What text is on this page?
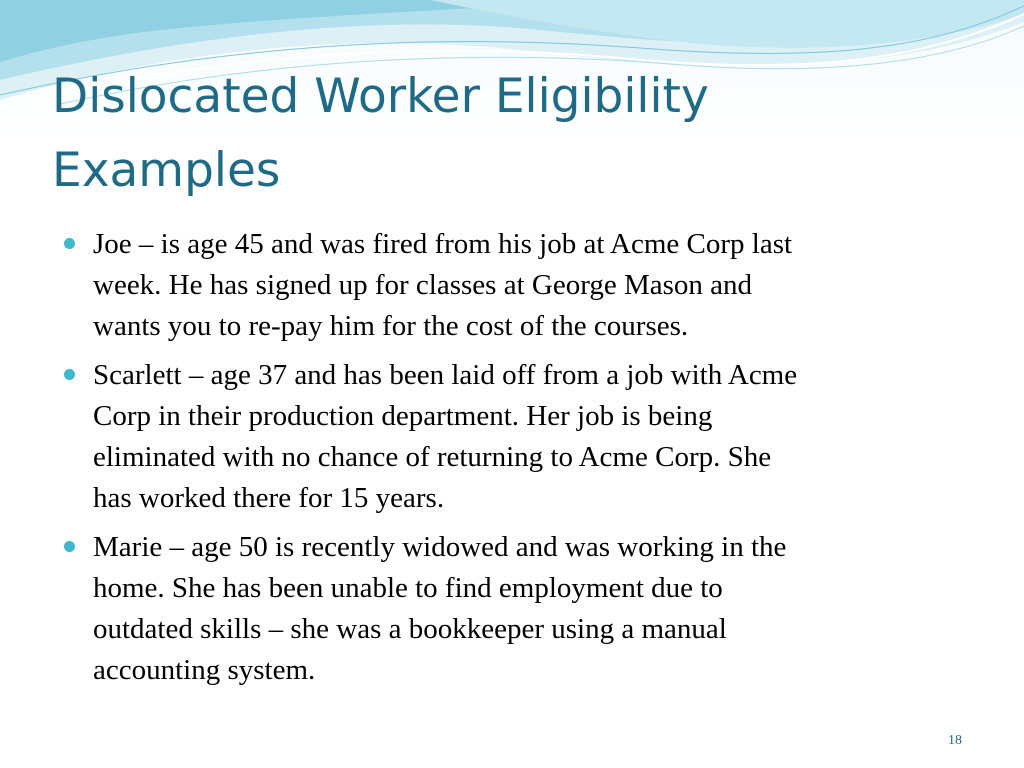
Dislocated Worker Eligibility
Examples
Joe – is age 45 and was fired from his job at Acme Corp last
week. He has signed up for classes at George Mason and
wants you to re-pay him for the cost of the courses.
Scarlett – age 37 and has been laid off from a job with Acme
Corp in their production department. Her job is being
eliminated with no chance of returning to Acme Corp. She
has worked there for 15 years.
Marie – age 50 is recently widowed and was working in the
home. She has been unable to find employment due to
outdated skills – she was a bookkeeper using a manual
accounting system.
18
